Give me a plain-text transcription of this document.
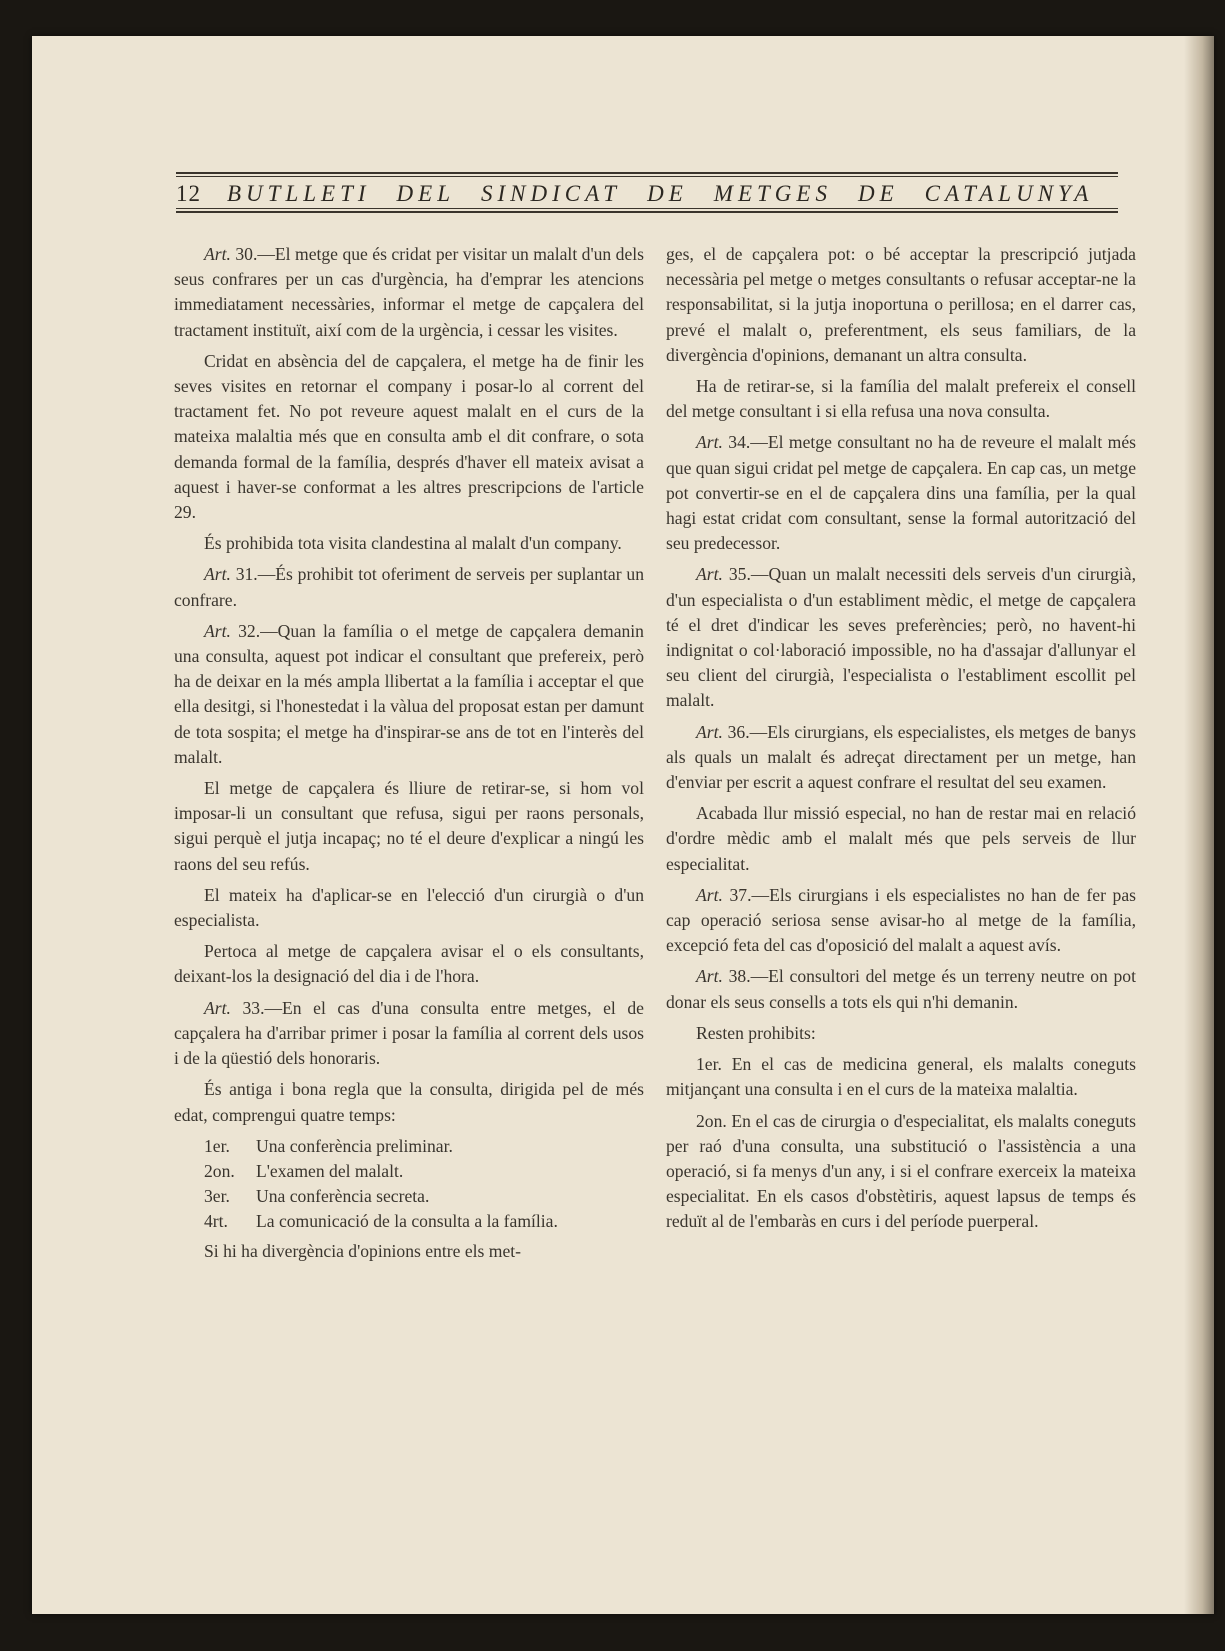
12 BUTLLETI DEL SINDICAT DE METGES DE CATALUNYA

Art. 30.—El metge que és cridat per visitar un malalt d'un dels seus confrares per un cas d'urgència, ha d'emprar les atencions immediatament necessàries, informar el metge de capçalera del tractament instituït, així com de la urgència, i cessar les visites.

Cridat en absència del de capçalera, el metge ha de finir les seves visites en retornar el company i posar-lo al corrent del tractament fet. No pot reveure aquest malalt en el curs de la mateixa malaltia més que en consulta amb el dit confrare, o sota demanda formal de la família, després d'haver ell mateix avisat a aquest i haver-se conformat a les altres prescripcions de l'article 29.

És prohibida tota visita clandestina al malalt d'un company.

Art. 31.—És prohibit tot oferiment de serveis per suplantar un confrare.

Art. 32.—Quan la família o el metge de capçalera demanin una consulta, aquest pot indicar el consultant que prefereix, però ha de deixar en la més ampla llibertat a la família i acceptar el que ella desitgi, si l'honestedat i la vàlua del proposat estan per damunt de tota sospita; el metge ha d'inspirar-se ans de tot en l'interès del malalt.

El metge de capçalera és lliure de retirar-se, si hom vol imposar-li un consultant que refusa, sigui per raons personals, sigui perquè el jutja incapaç; no té el deure d'explicar a ningú les raons del seu refús.

El mateix ha d'aplicar-se en l'elecció d'un cirurgià o d'un especialista.

Pertoca al metge de capçalera avisar el o els consultants, deixant-los la designació del dia i de l'hora.

Art. 33.—En el cas d'una consulta entre metges, el de capçalera ha d'arribar primer i posar la família al corrent dels usos i de la qüestió dels honoraris.

És antiga i bona regla que la consulta, dirigida pel de més edat, comprengui quatre temps:

1er.	Una conferència preliminar.
2on.	L'examen del malalt.
3er.	Una conferència secreta.
4rt.	La comunicació de la consulta a la família.

Si hi ha divergència d'opinions entre els met-

ges, el de capçalera pot: o bé acceptar la prescripció jutjada necessària pel metge o metges consultants o refusar acceptar-ne la responsabilitat, si la jutja inoportuna o perillosa; en el darrer cas, prevé el malalt o, preferentment, els seus familiars, de la divergència d'opinions, demanant un altra consulta.

Ha de retirar-se, si la família del malalt prefereix el consell del metge consultant i si ella refusa una nova consulta.

Art. 34.—El metge consultant no ha de reveure el malalt més que quan sigui cridat pel metge de capçalera. En cap cas, un metge pot convertir-se en el de capçalera dins una família, per la qual hagi estat cridat com consultant, sense la formal autorització del seu predecessor.

Art. 35.—Quan un malalt necessiti dels serveis d'un cirurgià, d'un especialista o d'un establiment mèdic, el metge de capçalera té el dret d'indicar les seves preferències; però, no havent-hi indignitat o col·laboració impossible, no ha d'assajar d'allunyar el seu client del cirurgià, l'especialista o l'establiment escollit pel malalt.

Art. 36.—Els cirurgians, els especialistes, els metges de banys als quals un malalt és adreçat directament per un metge, han d'enviar per escrit a aquest confrare el resultat del seu examen.

Acabada llur missió especial, no han de restar mai en relació d'ordre mèdic amb el malalt més que pels serveis de llur especialitat.

Art. 37.—Els cirurgians i els especialistes no han de fer pas cap operació seriosa sense avisar-ho al metge de la família, excepció feta del cas d'oposició del malalt a aquest avís.

Art. 38.—El consultori del metge és un terreny neutre on pot donar els seus consells a tots els qui n'hi demanin.

Resten prohibits:

1er. En el cas de medicina general, els malalts coneguts mitjançant una consulta i en el curs de la mateixa malaltia.

2on. En el cas de cirurgia o d'especialitat, els malalts coneguts per raó d'una consulta, una substitució o l'assistència a una operació, si fa menys d'un any, i si el confrare exerceix la mateixa especialitat. En els casos d'obstètiris, aquest lapsus de temps és reduït al de l'embaràs en curs i del període puerperal.
